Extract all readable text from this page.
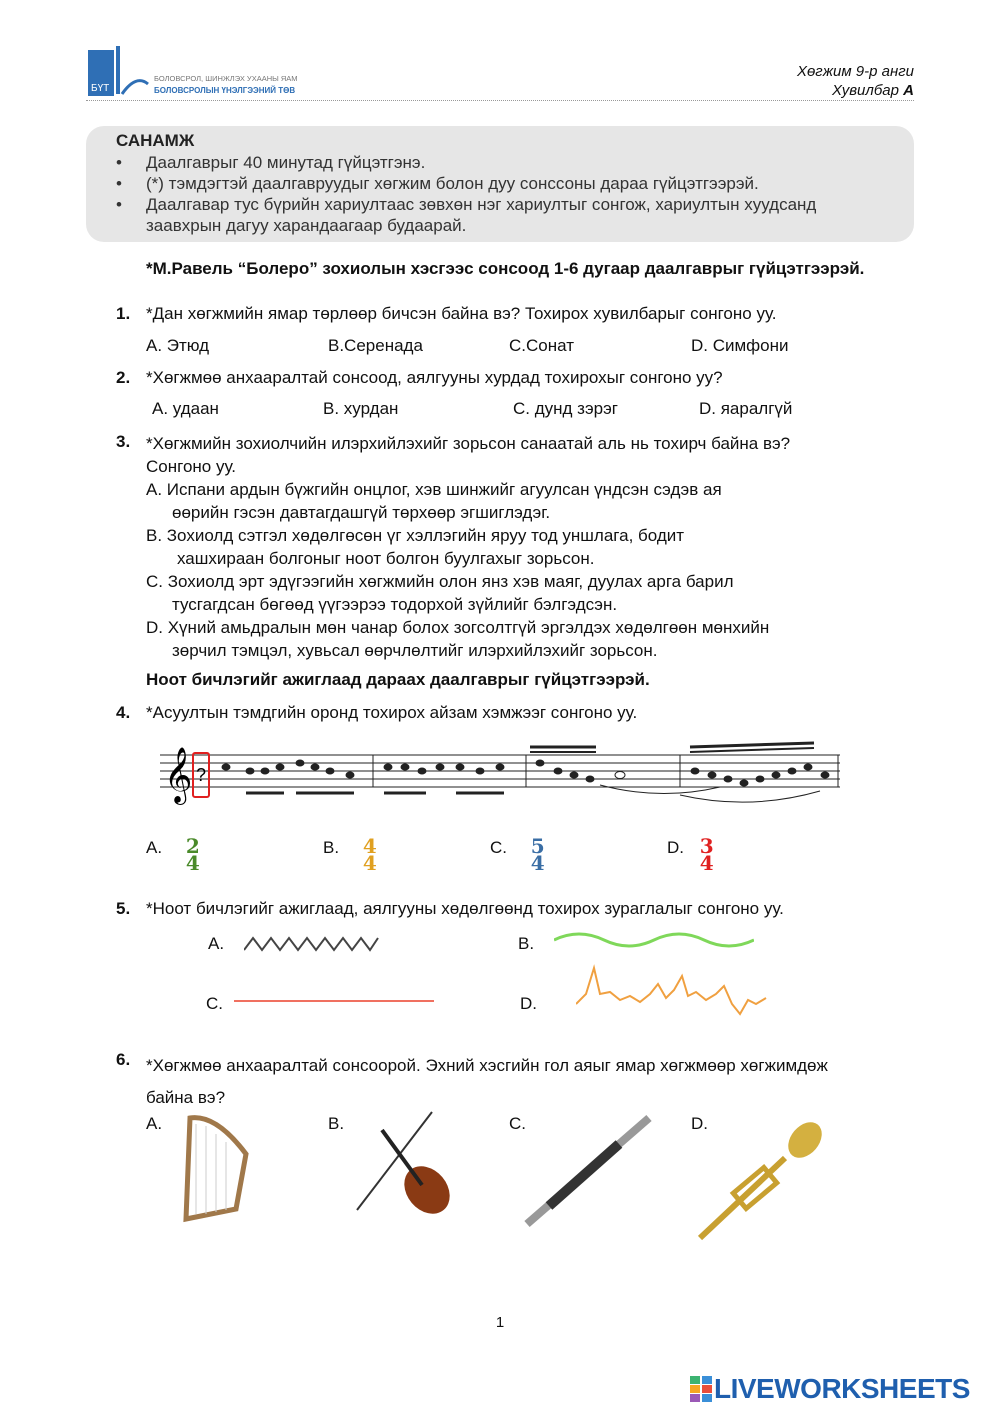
БҮТ
БОЛОВСРОЛ, ШИНЖЛЭХ УХААНЫ ЯАМ
БОЛОВСРОЛЫН ҮНЭЛГЭЭНИЙ ТӨВ
Хөгжим 9-р анги
Хувилбар А
САНАМЖ
• Даалгаврыг 40 минутад гүйцэтгэнэ.
• (*) тэмдэгтэй даалгавруудыг хөгжим болон дуу сонссоны дараа гүйцэтгээрэй.
• Даалгавар тус бүрийн хариултаас зөвхөн нэг хариултыг сонгож, хариултын хуудсанд заавхрын дагуу харандаагаар будаарай.
*М.Равель “Болеро” зохиолын хэсгээс сонсоод 1-6 дугаар даалгаврыг гүйцэтгээрэй.
1. *Дан хөгжмийн ямар төрлөөр бичсэн байна вэ? Тохирох хувилбарыг сонгоно уу.
А. Этюд	B.Серенада	C.Сонат	D. Симфони
2. *Хөгжмөө анхааралтай сонсоод, аялгууны хурдад тохирохыг сонгоно уу?
А. удаан	B. хурдан	C. дунд зэрэг	D. яаралгүй
3. *Хөгжмийн зохиолчийн илэрхийлэхийг зорьсон санаатай аль нь тохирч байна вэ?
Сонгоно уу.
А. Испани ардын бүжгийн онцлог, хэв шинжийг агуулсан үндсэн сэдэв ая
өөрийн гэсэн давтагдашгүй төрхөөр эгшиглэдэг.
B. Зохиолд сэтгэл хөдөлгөсөн үг хэллэгийн яруу тод уншлага, бодит
хашхираан болгоныг ноот болгон буулгахыг зорьсон.
C. Зохиолд эрт эдүгээгийн хөгжмийн олон янз хэв маяг, дуулах арга барил
тусгагдсан бөгөөд үүгээрээ тодорхой зүйлийг бэлгэдсэн.
D. Хүний амьдралын мөн чанар болох зогсолтгүй эргэлдэх хөдөлгөөн мөнхийн
зөрчил тэмцэл, хувьсал өөрчлөлтийг илэрхийлэхийг зорьсон.
Ноот бичлэгийг ажиглаад дараах даалгаврыг гүйцэтгээрэй.
4. *Асуултын тэмдгийн оронд тохирох айзам хэмжээг сонгоно уу.
𝄞 ?
А. 2
4
B. 4
4
C. 5
4
D. 3
4
5. *Ноот бичлэгийг ажиглаад, аялгууны хөдөлгөөнд тохирох зураглалыг сонгоно уу.
А.	B.
C.	D.
6. *Хөгжмөө анхааралтай сонсоорой. Эхний хэсгийн гол аяыг ямар хөгжмөөр хөгжимдөж
байна вэ?
А.	B.	C.	D.
1
LIVEWORKSHEETS
